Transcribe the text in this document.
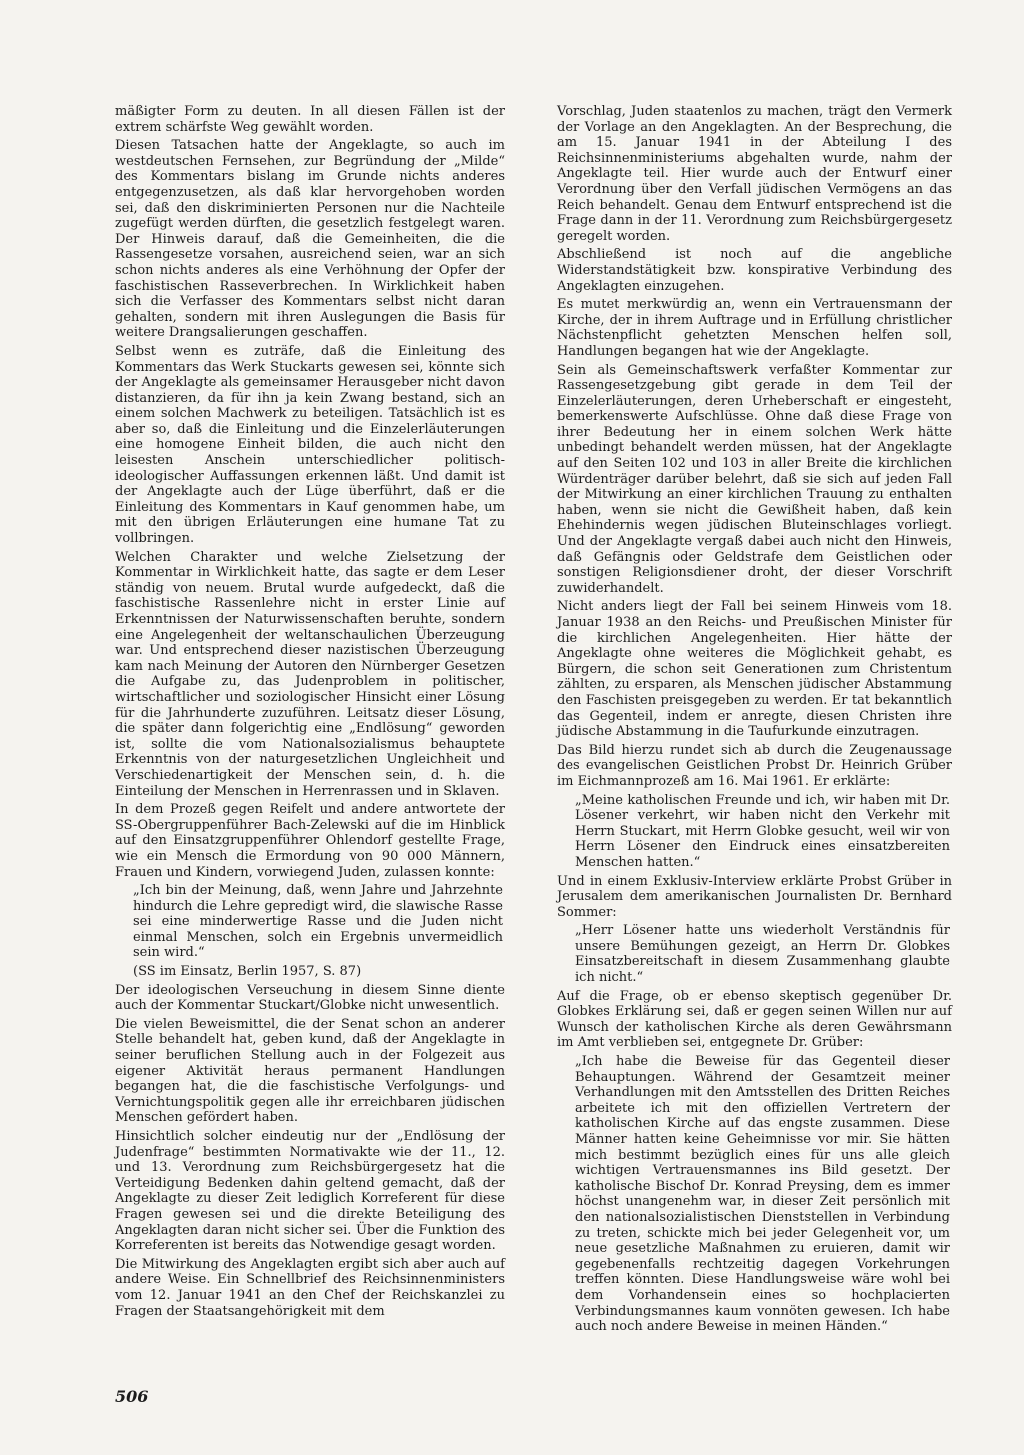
mäßigter Form zu deuten. In all diesen Fällen ist der extrem schärfste Weg gewählt worden.

Diesen Tatsachen hatte der Angeklagte, so auch im westdeutschen Fernsehen, zur Begründung der „Milde“ des Kommentars bislang im Grunde nichts anderes entgegenzusetzen, als daß klar hervorgehoben worden sei, daß den diskriminierten Personen nur die Nachteile zugefügt werden dürften, die gesetzlich festgelegt waren. Der Hinweis darauf, daß die Gemeinheiten, die die Rassengesetze vorsahen, ausreichend seien, war an sich schon nichts anderes als eine Verhöhnung der Opfer der faschistischen Rasseverbrechen. In Wirklichkeit haben sich die Verfasser des Kommentars selbst nicht daran gehalten, sondern mit ihren Auslegungen die Basis für weitere Drangsalierungen geschaffen.

Selbst wenn es zuträfe, daß die Einleitung des Kommentars das Werk Stuckarts gewesen sei, könnte sich der Angeklagte als gemeinsamer Herausgeber nicht davon distanzieren, da für ihn ja kein Zwang bestand, sich an einem solchen Machwerk zu beteiligen. Tatsächlich ist es aber so, daß die Einleitung und die Einzelerläuterungen eine homogene Einheit bilden, die auch nicht den leisesten Anschein unterschiedlicher politisch-ideologischer Auffassungen erkennen läßt. Und damit ist der Angeklagte auch der Lüge überführt, daß er die Einleitung des Kommentars in Kauf genommen habe, um mit den übrigen Erläuterungen eine humane Tat zu vollbringen.

Welchen Charakter und welche Zielsetzung der Kommentar in Wirklichkeit hatte, das sagte er dem Leser ständig von neuem. Brutal wurde aufgedeckt, daß die faschistische Rassenlehre nicht in erster Linie auf Erkenntnissen der Naturwissenschaften beruhte, sondern eine Angelegenheit der weltanschaulichen Überzeugung war. Und entsprechend dieser nazistischen Überzeugung kam nach Meinung der Autoren den Nürnberger Gesetzen die Aufgabe zu, das Judenproblem in politischer, wirtschaftlicher und soziologischer Hinsicht einer Lösung für die Jahrhunderte zuzuführen. Leitsatz dieser Lösung, die später dann folgerichtig eine „Endlösung“ geworden ist, sollte die vom Nationalsozialismus behauptete Erkenntnis von der naturgesetzlichen Ungleichheit und Verschiedenartigkeit der Menschen sein, d. h. die Einteilung der Menschen in Herrenrassen und in Sklaven.

In dem Prozeß gegen Reifelt und andere antwortete der SS-Obergruppenführer Bach-Zelewski auf die im Hinblick auf den Einsatzgruppenführer Ohlendorf gestellte Frage, wie ein Mensch die Ermordung von 90 000 Männern, Frauen und Kindern, vorwiegend Juden, zulassen konnte:

„Ich bin der Meinung, daß, wenn Jahre und Jahrzehnte hindurch die Lehre gepredigt wird, die slawische Rasse sei eine minderwertige Rasse und die Juden nicht einmal Menschen, solch ein Ergebnis unvermeidlich sein wird.“

(SS im Einsatz, Berlin 1957, S. 87)

Der ideologischen Verseuchung in diesem Sinne diente auch der Kommentar Stuckart/Globke nicht unwesentlich.

Die vielen Beweismittel, die der Senat schon an anderer Stelle behandelt hat, geben kund, daß der Angeklagte in seiner beruflichen Stellung auch in der Folgezeit aus eigener Aktivität heraus permanent Handlungen begangen hat, die die faschistische Verfolgungs- und Vernichtungspolitik gegen alle ihr erreichbaren jüdischen Menschen gefördert haben.

Hinsichtlich solcher eindeutig nur der „Endlösung der Judenfrage“ bestimmten Normativakte wie der 11., 12. und 13. Verordnung zum Reichsbürgergesetz hat die Verteidigung Bedenken dahin geltend gemacht, daß der Angeklagte zu dieser Zeit lediglich Korreferent für diese Fragen gewesen sei und die direkte Beteiligung des Angeklagten daran nicht sicher sei. Über die Funktion des Korreferenten ist bereits das Notwendige gesagt worden.

Die Mitwirkung des Angeklagten ergibt sich aber auch auf andere Weise. Ein Schnellbrief des Reichsinnenministers vom 12. Januar 1941 an den Chef der Reichskanzlei zu Fragen der Staatsangehörigkeit mit dem

Vorschlag, Juden staatenlos zu machen, trägt den Vermerk der Vorlage an den Angeklagten. An der Besprechung, die am 15. Januar 1941 in der Abteilung I des Reichsinnenministeriums abgehalten wurde, nahm der Angeklagte teil. Hier wurde auch der Entwurf einer Verordnung über den Verfall jüdischen Vermögens an das Reich behandelt. Genau dem Entwurf entsprechend ist die Frage dann in der 11. Verordnung zum Reichsbürgergesetz geregelt worden.

Abschließend ist noch auf die angebliche Widerstandstätigkeit bzw. konspirative Verbindung des Angeklagten einzugehen.

Es mutet merkwürdig an, wenn ein Vertrauensmann der Kirche, der in ihrem Auftrage und in Erfüllung christlicher Nächstenpflicht gehetzten Menschen helfen soll, Handlungen begangen hat wie der Angeklagte.

Sein als Gemeinschaftswerk verfaßter Kommentar zur Rassengesetzgebung gibt gerade in dem Teil der Einzelerläuterungen, deren Urheberschaft er eingesteht, bemerkenswerte Aufschlüsse. Ohne daß diese Frage von ihrer Bedeutung her in einem solchen Werk hätte unbedingt behandelt werden müssen, hat der Angeklagte auf den Seiten 102 und 103 in aller Breite die kirchlichen Würdenträger darüber belehrt, daß sie sich auf jeden Fall der Mitwirkung an einer kirchlichen Trauung zu enthalten haben, wenn sie nicht die Gewißheit haben, daß kein Ehehindernis wegen jüdischen Bluteinschlages vorliegt. Und der Angeklagte vergaß dabei auch nicht den Hinweis, daß Gefängnis oder Geldstrafe dem Geistlichen oder sonstigen Religionsdiener droht, der dieser Vorschrift zuwiderhandelt.

Nicht anders liegt der Fall bei seinem Hinweis vom 18. Januar 1938 an den Reichs- und Preußischen Minister für die kirchlichen Angelegenheiten. Hier hätte der Angeklagte ohne weiteres die Möglichkeit gehabt, es Bürgern, die schon seit Generationen zum Christentum zählten, zu ersparen, als Menschen jüdischer Abstammung den Faschisten preisgegeben zu werden. Er tat bekanntlich das Gegenteil, indem er anregte, diesen Christen ihre jüdische Abstammung in die Taufurkunde einzutragen.

Das Bild hierzu rundet sich ab durch die Zeugenaussage des evangelischen Geistlichen Probst Dr. Heinrich Grüber im Eichmannprozeß am 16. Mai 1961. Er erklärte:

„Meine katholischen Freunde und ich, wir haben mit Dr. Lösener verkehrt, wir haben nicht den Verkehr mit Herrn Stuckart, mit Herrn Globke gesucht, weil wir von Herrn Lösener den Eindruck eines einsatzbereiten Menschen hatten.“

Und in einem Exklusiv-Interview erklärte Probst Grüber in Jerusalem dem amerikanischen Journalisten Dr. Bernhard Sommer:

„Herr Lösener hatte uns wiederholt Verständnis für unsere Bemühungen gezeigt, an Herrn Dr. Globkes Einsatzbereitschaft in diesem Zusammenhang glaubte ich nicht.“

Auf die Frage, ob er ebenso skeptisch gegenüber Dr. Globkes Erklärung sei, daß er gegen seinen Willen nur auf Wunsch der katholischen Kirche als deren Gewährsmann im Amt verblieben sei, entgegnete Dr. Grüber:

„Ich habe die Beweise für das Gegenteil dieser Behauptungen. Während der Gesamtzeit meiner Verhandlungen mit den Amtsstellen des Dritten Reiches arbeitete ich mit den offiziellen Vertretern der katholischen Kirche auf das engste zusammen. Diese Männer hatten keine Geheimnisse vor mir. Sie hätten mich bestimmt bezüglich eines für uns alle gleich wichtigen Vertrauensmannes ins Bild gesetzt. Der katholische Bischof Dr. Konrad Preysing, dem es immer höchst unangenehm war, in dieser Zeit persönlich mit den nationalsozialistischen Dienststellen in Verbindung zu treten, schickte mich bei jeder Gelegenheit vor, um neue gesetzliche Maßnahmen zu eruieren, damit wir gegebenenfalls rechtzeitig dagegen Vorkehrungen treffen könnten. Diese Handlungsweise wäre wohl bei dem Vorhandensein eines so hochplacierten Verbindungsmannes kaum vonnöten gewesen. Ich habe auch noch andere Beweise in meinen Händen.“

506
